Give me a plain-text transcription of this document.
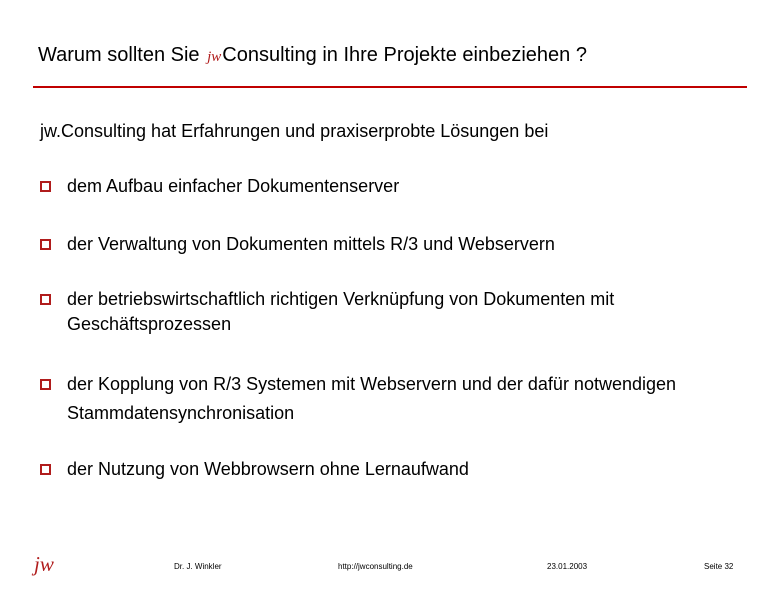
Warum sollten Sie jwConsulting in Ihre Projekte einbeziehen ?
jw.Consulting hat Erfahrungen und praxiserprobte Lösungen bei
dem Aufbau einfacher Dokumentenserver
der Verwaltung von Dokumenten mittels R/3 und Webservern
der betriebswirtschaftlich richtigen Verknüpfung von Dokumenten mit Geschäftsprozessen
der Kopplung von R/3 Systemen mit Webservern und der dafür notwendigen Stammdatensynchronisation
der Nutzung von Webbrowsern ohne Lernaufwand
jw	Dr. J. Winkler	http://jwconsulting.de	23.01.2003	Seite 32
